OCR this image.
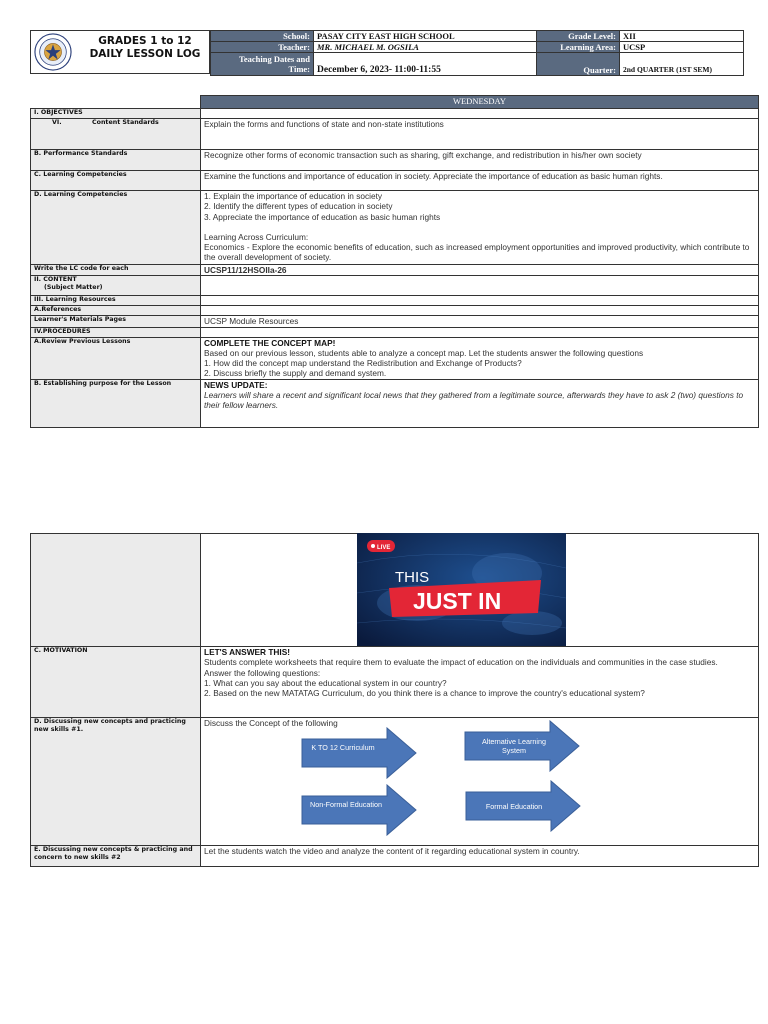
GRADES 1 to 12
DAILY LESSON LOG
School:	PASAY CITY EAST HIGH SCHOOL	Grade Level:	XII
Teacher:	MR. MICHAEL M. OGSILA	Learning Area:	UCSP

Teaching Dates and
Time:	December 6, 2023- 11:00-11:55	Quarter:	2nd QUARTER (1ST SEM)
	WEDNESDAY
I. OBJECTIVES	
VI. Content Standards	Explain the forms and functions of state and non-state institutions
B. Performance Standards	Recognize other forms of economic transaction such as sharing, gift exchange, and redistribution in his/her own society
C. Learning Competencies	Examine the functions and importance of education in society. Appreciate the importance of education as basic human rights.
D. Learning Competencies	1. Explain the importance of education in society
2. Identify the different types of education in society
3. Appreciate the importance of education as basic human rights
Learning Across Curriculum:
Economics - Explore the economic benefits of education, such as increased employment opportunities and improved productivity, which contribute to the overall development of society.

Write the LC code for each	UCSP11/12HSOIIa-26

II. CONTENT
(Subject Matter)	

III. Learning Resources	
A.References	
Learner's Materials Pages	UCSP Module Resources
IV.PROCEDURES	
A.Review Previous Lessons	COMPLETE THE CONCEPT MAP!
Based on our previous lesson, students able to analyze a concept map. Let the students answer the following questions
1. How did the concept map understand the Redistribution and Exchange of Products?
2. Discuss briefly the supply and demand system.

B. Establishing purpose for the Lesson	NEWS UPDATE:
Learners will share a recent and significant local news that they gathered from a legitimate source, afterwards they have to ask 2 (two) questions to their fellow learners.

C. MOTIVATION	LET'S ANSWER THIS!
Students complete worksheets that require them to evaluate the impact of education on the individuals and communities in the case studies.
Answer the following questions:
1. What can you say about the educational system in our country?
2. Based on the new MATATAG Curriculum, do you think there is a chance to improve the country's educational system?

D. Discussing new concepts and practicing new skills #1.	Discuss the Concept of the following
E. Discussing new concepts & practicing and concern to new skills #2	Let the students watch the video and analyze the content of it regarding educational system in country.
LIVE
THIS
JUST IN
K TO 12 Curriculum
Alternative Learning System
Non-Formal Education	Formal Education
